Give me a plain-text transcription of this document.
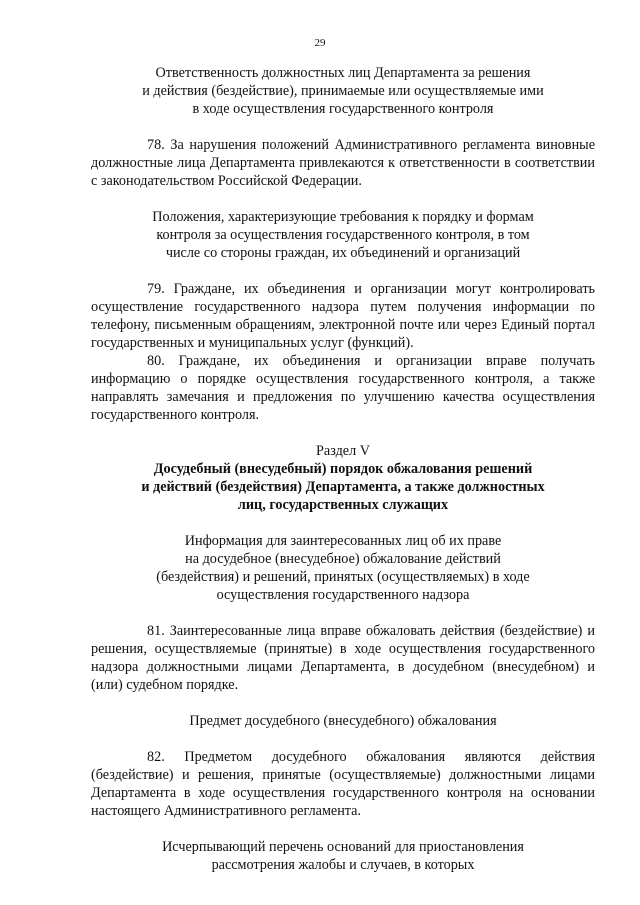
29

Ответственность должностных лиц Департамента за решения
и действия (бездействие), принимаемые или осуществляемые ими
в ходе осуществления государственного контроля

78. За нарушения положений Административного регламента виновные должностные лица Департамента привлекаются к ответственности в соответствии с законодательством Российской Федерации.

Положения, характеризующие требования к порядку и формам
контроля за осуществления государственного контроля, в том
числе со стороны граждан, их объединений и организаций

79. Граждане, их объединения и организации могут контролировать осуществление государственного надзора путем получения информации по телефону, письменным обращениям, электронной почте или через Единый портал государственных и муниципальных услуг (функций).

80. Граждане, их объединения и организации вправе получать информацию о порядке осуществления государственного контроля, а также направлять замечания и предложения по улучшению качества осуществления государственного контроля.

Раздел V

Досудебный (внесудебный) порядок обжалования решений
и действий (бездействия) Департамента, а также должностных
лиц, государственных служащих

Информация для заинтересованных лиц об их праве
на досудебное (внесудебное) обжалование действий
(бездействия) и решений, принятых (осуществляемых) в ходе
осуществления государственного надзора

81. Заинтересованные лица вправе обжаловать действия (бездействие) и решения, осуществляемые (принятые) в ходе осуществления государственного надзора должностными лицами Департамента, в досудебном (внесудебном) и (или) судебном порядке.

Предмет досудебного (внесудебного) обжалования

82. Предметом досудебного обжалования являются действия (бездействие) и решения, принятые (осуществляемые) должностными лицами Департамента в ходе осуществления государственного контроля на основании настоящего Административного регламента.

Исчерпывающий перечень оснований для приостановления
рассмотрения жалобы и случаев, в которых
